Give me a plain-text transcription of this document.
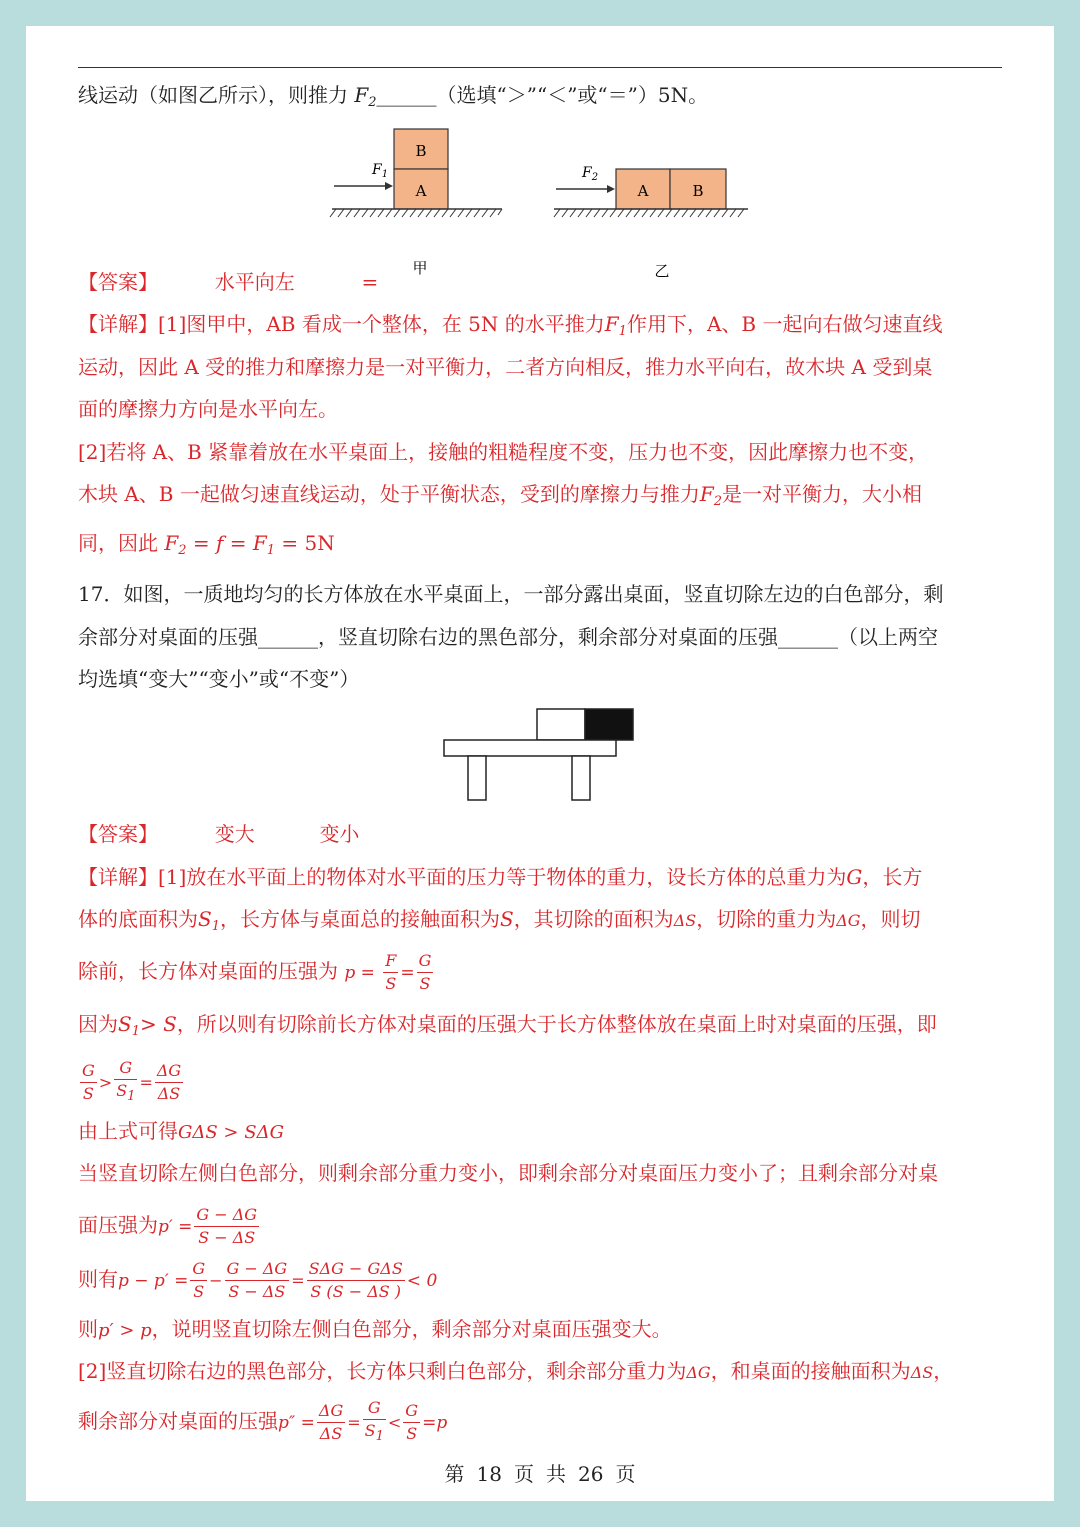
线运动（如图乙所示），则推力 $F_2\_\_\_\_\_\_$（选填“＞”“＜”或“＝”）5N。
B
A
$F_1$
甲
A	B
$F_2$
乙
【答案】	水平向左	=
【详解】[1]图甲中，AB 看成一个整体，在 5N 的水平推力$F_1$作用下，A、B 一起向右做匀速直线
运动，因此 A 受的推力和摩擦力是一对平衡力，二者方向相反，推力水平向右，故木块 A 受到桌
面的摩擦力方向是水平向左。
[2]若将 A、B 紧靠着放在水平桌面上，接触的粗糙程度不变，压力也不变，因此摩擦力也不变，
木块 A、B 一起做匀速直线运动，处于平衡状态，受到的摩擦力与推力$F_2$是一对平衡力，大小相
同，因此 $F_2 = f = F_1 = 5N$
17．如图，一质地均匀的长方体放在水平桌面上，一部分露出桌面，竖直切除左边的白色部分，剩
余部分对桌面的压强______，竖直切除右边的黑色部分，剩余部分对桌面的压强______（以上两空
均选填“变大”“变小”或“不变”）
【答案】	变大	变小
【详解】[1]放在水平面上的物体对水平面的压力等于物体的重力，设长方体的总重力为G，长方
体的底面积为$S_1$，长方体与桌面总的接触面积为S，其切除的面积为ΔS，切除的重力为ΔG，则切
除前，长方体对桌面的压强为 $p = \frac{F}{S} = \frac{G}{S}$
因为$S_1> S$，所以则有切除前长方体对桌面的压强大于长方体整体放在桌面上时对桌面的压强，即
$\frac{G}{S} > \frac{G}{S_1} = \frac{\Delta G}{\Delta S}$
由上式可得GΔS > SΔG
当竖直切除左侧白色部分，则剩余部分重力变小，即剩余部分对桌面压力变小了；且剩余部分对桌
面压强为$p' = \frac{G - \Delta G}{S - \Delta S}$
则有$p - p' = \frac{G}{S} - \frac{G - \Delta G}{S - \Delta S} = \frac{\text{SΔG − GΔS}}{S (S - \Delta S )} < 0$
则p′ > p，说明竖直切除左侧白色部分，剩余部分对桌面压强变大。
[2]竖直切除右边的黑色部分，长方体只剩白色部分，剩余部分重力为ΔG，和桌面的接触面积为ΔS，
剩余部分对桌面的压强$p'' = \frac{\Delta G}{\Delta S} = \frac{G}{S_1} < \frac{G}{S} =p$
第 18 页 共 26 页
